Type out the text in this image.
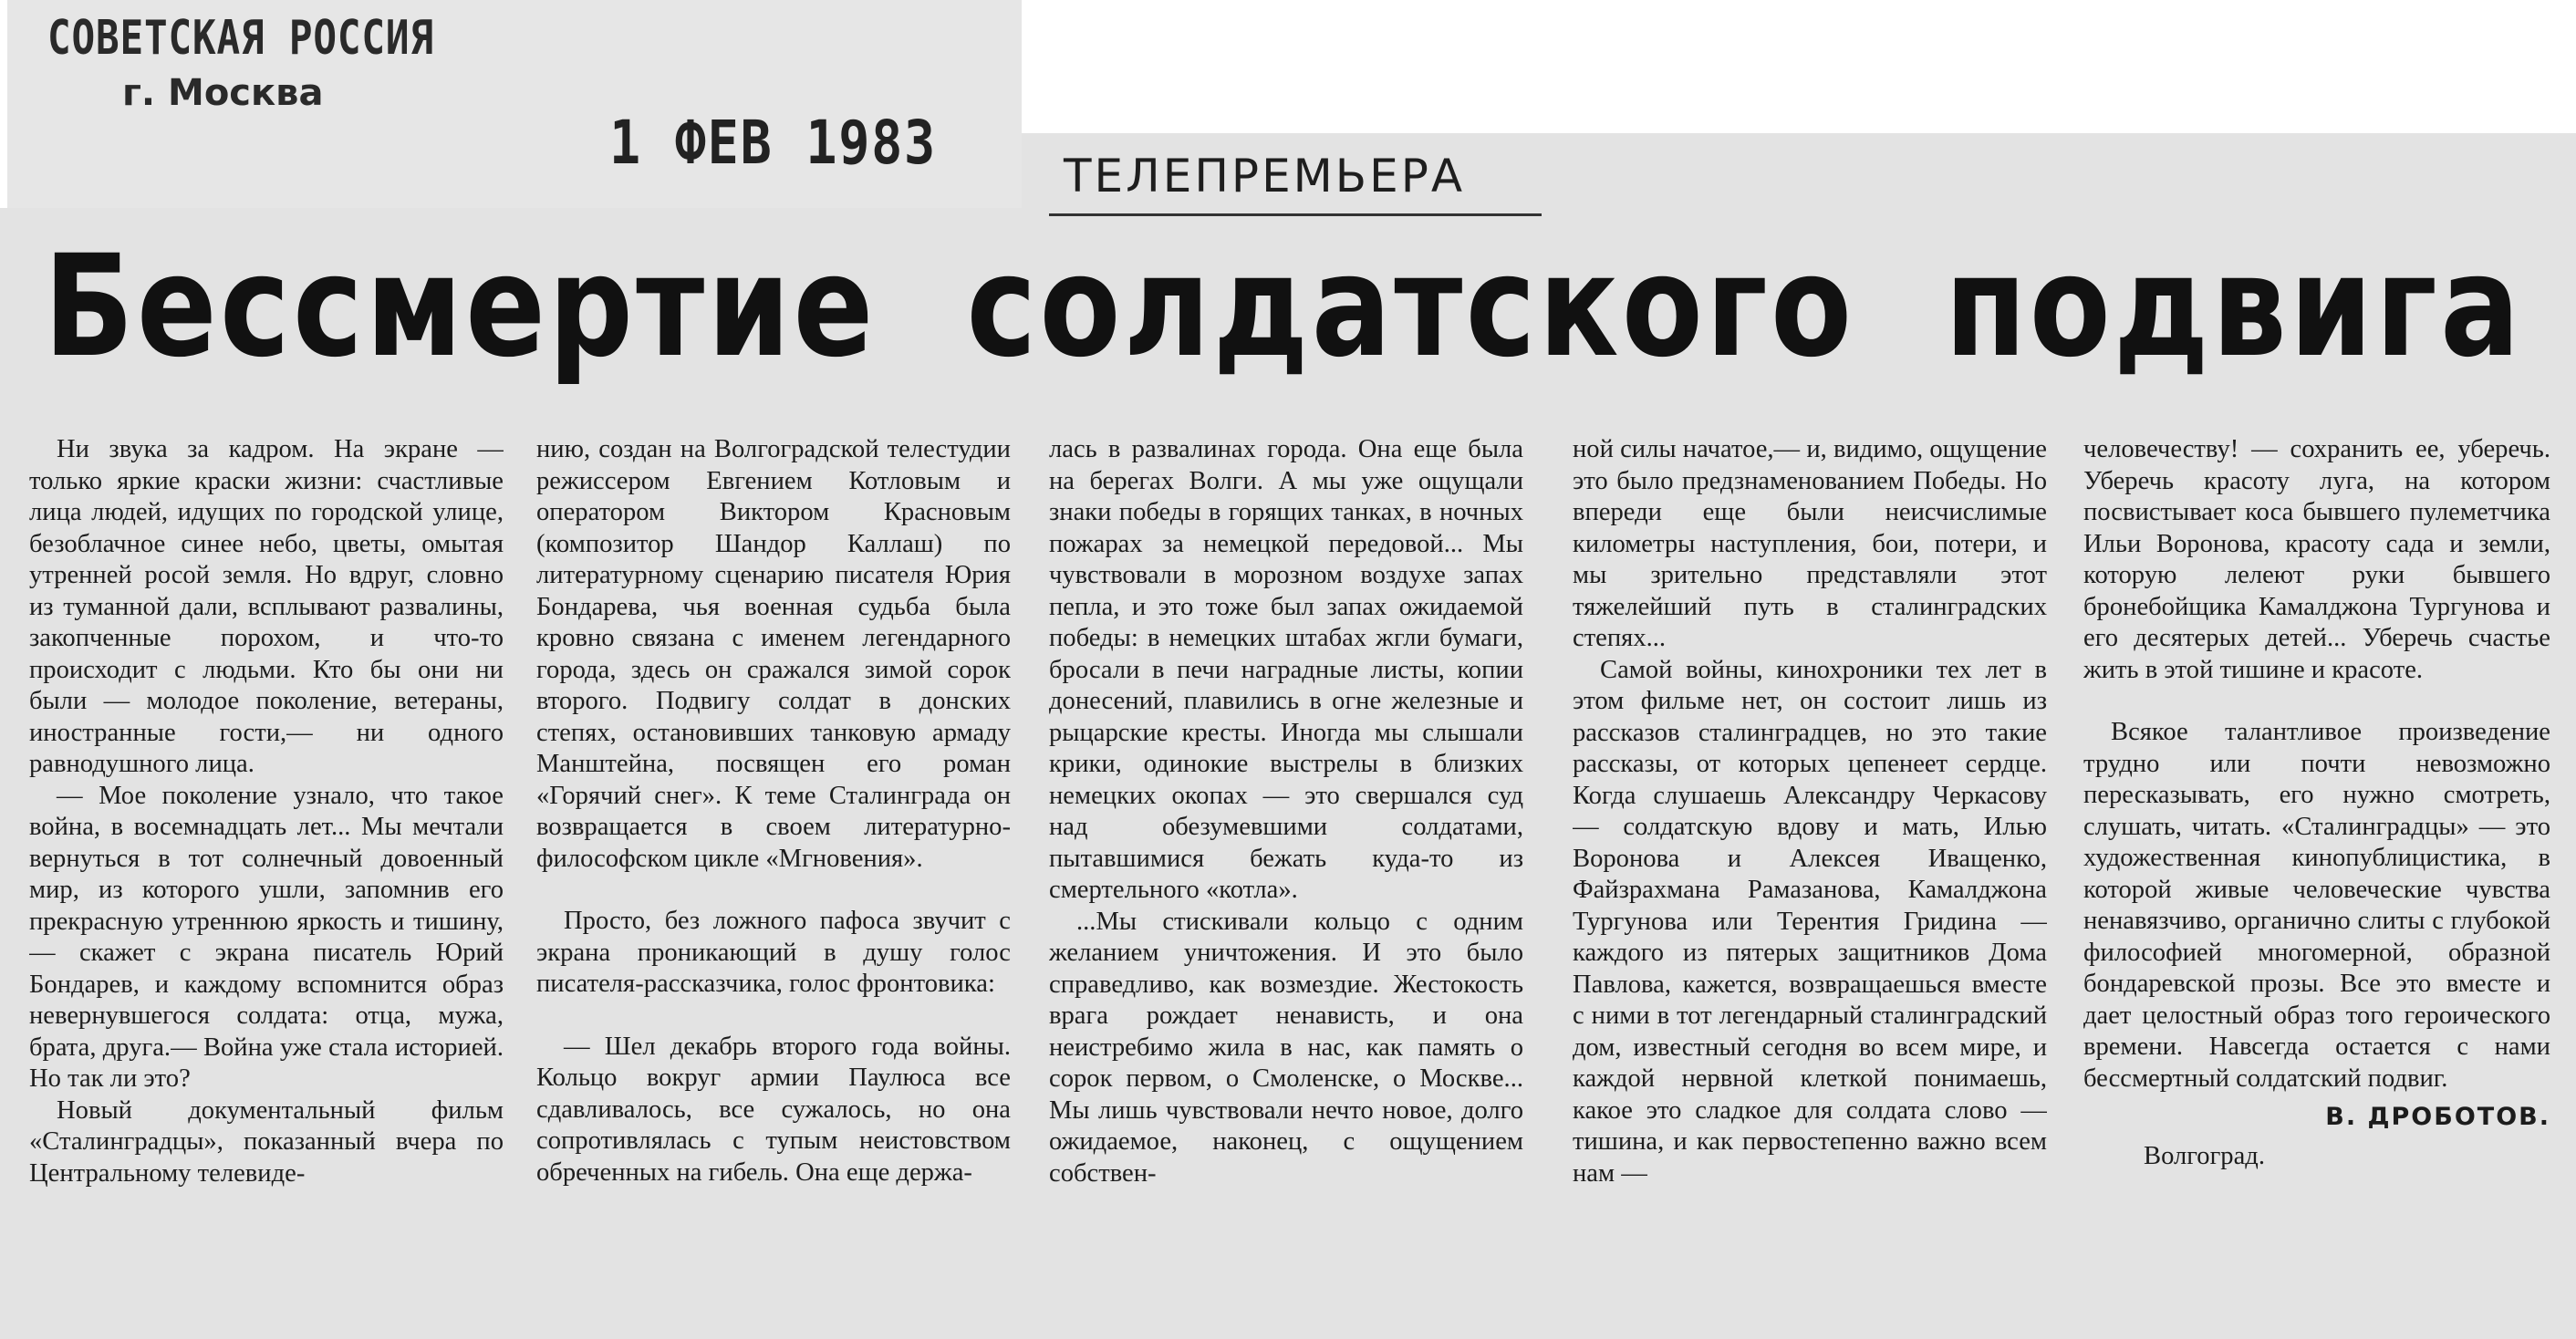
СОВЕТСКАЯ РОССИЯ
г. Москва
1 ФЕВ 1983	ТЕЛЕПРЕМЬЕРА
Бессмертие солдатского подвига

Ни звука за кадром. На экране — только яркие краски жизни: счастливые лица людей, идущих по городской улице, безоблачное синее небо, цветы, омытая утренней росой земля. Но вдруг, словно из туманной дали, всплывают развалины, закопченные порохом, и что-то происходит с людьми. Кто бы они ни были — молодое поколение, ветераны, иностранные гости,— ни одного равнодушного лица.

— Мое поколение узнало, что такое война, в восемнадцать лет... Мы мечтали вернуться в тот солнечный довоенный мир, из которого ушли, запомнив его прекрасную утреннюю яркость и тишину,— скажет с экрана писатель Юрий Бондарев, и каждому вспомнится образ невернувшегося солдата: отца, мужа, брата, друга.— Война уже стала историей. Но так ли это?

Новый документальный фильм «Сталинградцы», показанный вчера по Центральному телевиде-

нию, создан на Волгоградской телестудии режиссером Евгением Котловым и оператором Виктором Красновым (композитор Шандор Каллаш) по литературному сценарию писателя Юрия Бондарева, чья военная судьба была кровно связана с именем легендарного города, здесь он сражался зимой сорок второго. Подвигу солдат в донских степях, остановивших танковую армаду Манштейна, посвящен его роман «Горячий снег». К теме Сталинграда он возвращается в своем литературно-философском цикле «Мгновения».

Просто, без ложного пафоса звучит с экрана проникающий в душу голос писателя-рассказчика, голос фронтовика:

— Шел декабрь второго года войны. Кольцо вокруг армии Паулюса все сдавливалось, все сужалось, но она сопротивлялась с тупым неистовством обреченных на гибель. Она еще держа-

лась в развалинах города. Она еще была на берегах Волги. А мы уже ощущали знаки победы в горящих танках, в ночных пожарах за немецкой передовой... Мы чувствовали в морозном воздухе запах пепла, и это тоже был запах ожидаемой победы: в немецких штабах жгли бумаги, бросали в печи наградные листы, копии донесений, плавились в огне железные и рыцарские кресты. Иногда мы слышали крики, одинокие выстрелы в близких немецких окопах — это свершался суд над обезумевшими солдатами, пытавшимися бежать куда-то из смертельного «котла».

...Мы стискивали кольцо с одним желанием уничтожения. И это было справедливо, как возмездие. Жестокость врага рождает ненависть, и она неистребимо жила в нас, как память о сорок первом, о Смоленске, о Москве... Мы лишь чувствовали нечто новое, долго ожидаемое, наконец, с ощущением собствен-

ной силы начатое,— и, видимо, ощущение это было предзнаменованием Победы. Но впереди еще были неисчислимые километры наступления, бои, потери, и мы зрительно представляли этот тяжелейший путь в сталинградских степях...

Самой войны, кинохроники тех лет в этом фильме нет, он состоит лишь из рассказов сталинградцев, но это такие рассказы, от которых цепенеет сердце. Когда слушаешь Александру Черкасову — солдатскую вдову и мать, Илью Воронова и Алексея Иващенко, Файзрахмана Рамазанова, Камалджона Тургунова или Терентия Гридина — каждого из пятерых защитников Дома Павлова, кажется, возвращаешься вместе с ними в тот легендарный сталинградский дом, известный сегодня во всем мире, и каждой нервной клеткой понимаешь, какое это сладкое для солдата слово — тишина, и как первостепенно важно всем нам —

человечеству! — сохранить ее, уберечь. Уберечь красоту луга, на котором посвистывает коса бывшего пулеметчика Ильи Воронова, красоту сада и земли, которую лелеют руки бывшего бронебойщика Камалджона Тургунова и его десятерых детей... Уберечь счастье жить в этой тишине и красоте.

Всякое талантливое произведение трудно или почти невозможно пересказывать, его нужно смотреть, слушать, читать. «Сталинградцы» — это художественная кинопублицистика, в которой живые человеческие чувства ненавязчиво, органично слиты с глубокой философией многомерной, образной бондаревской прозы. Все это вместе и дает целостный образ того героического времени. Навсегда остается с нами бессмертный солдатский подвиг.

В. ДРОБОТОВ.

Волгоград.
